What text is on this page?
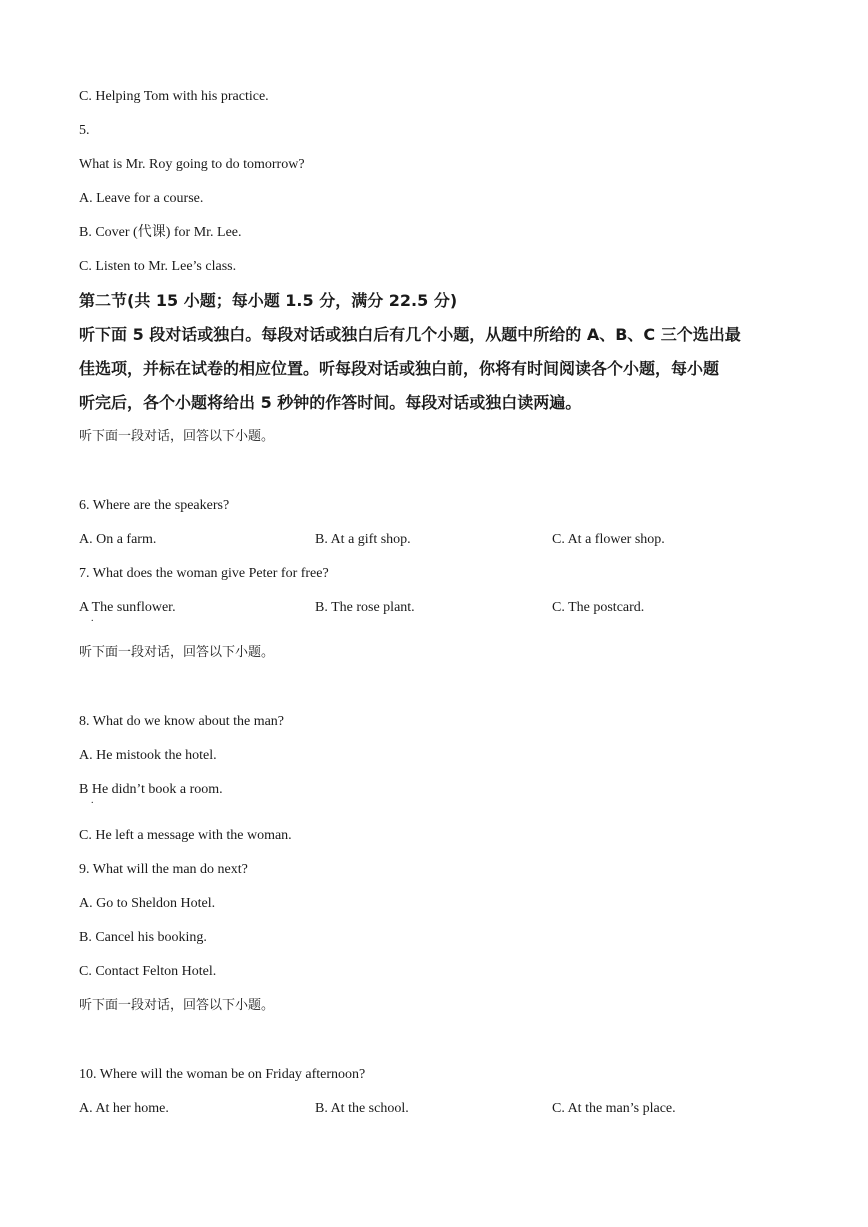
C. Helping Tom with his practice.
5.
What is Mr. Roy going to do tomorrow?
A. Leave for a course.
B. Cover (代课) for Mr. Lee.
C. Listen to Mr. Lee’s class.
第二节(共 15 小题；每小题 1.5 分，满分 22.5 分)
听下面 5 段对话或独白。每段对话或独白后有几个小题，从题中所给的 A、B、C 三个选出最
佳选项，并标在试卷的相应位置。听每段对话或独白前，你将有时间阅读各个小题，每小题
听完后，各个小题将给出 5 秒钟的作答时间。每段对话或独白读两遍。
听下面一段对话，回答以下小题。
6. Where are the speakers?
A. On a farm.	B. At a gift shop.	C. At a flower shop.
7. What does the woman give Peter for free?
A The sunflower.
.
B. The rose plant.	C. The postcard.
听下面一段对话，回答以下小题。
8. What do we know about the man?
A. He mistook the hotel.
B He didn’t book a room.
.
C. He left a message with the woman.
9. What will the man do next?
A. Go to Sheldon Hotel.
B. Cancel his booking.
C. Contact Felton Hotel.
听下面一段对话，回答以下小题。
10. Where will the woman be on Friday afternoon?
A. At her home.	B. At the school.	C. At the man’s place.
